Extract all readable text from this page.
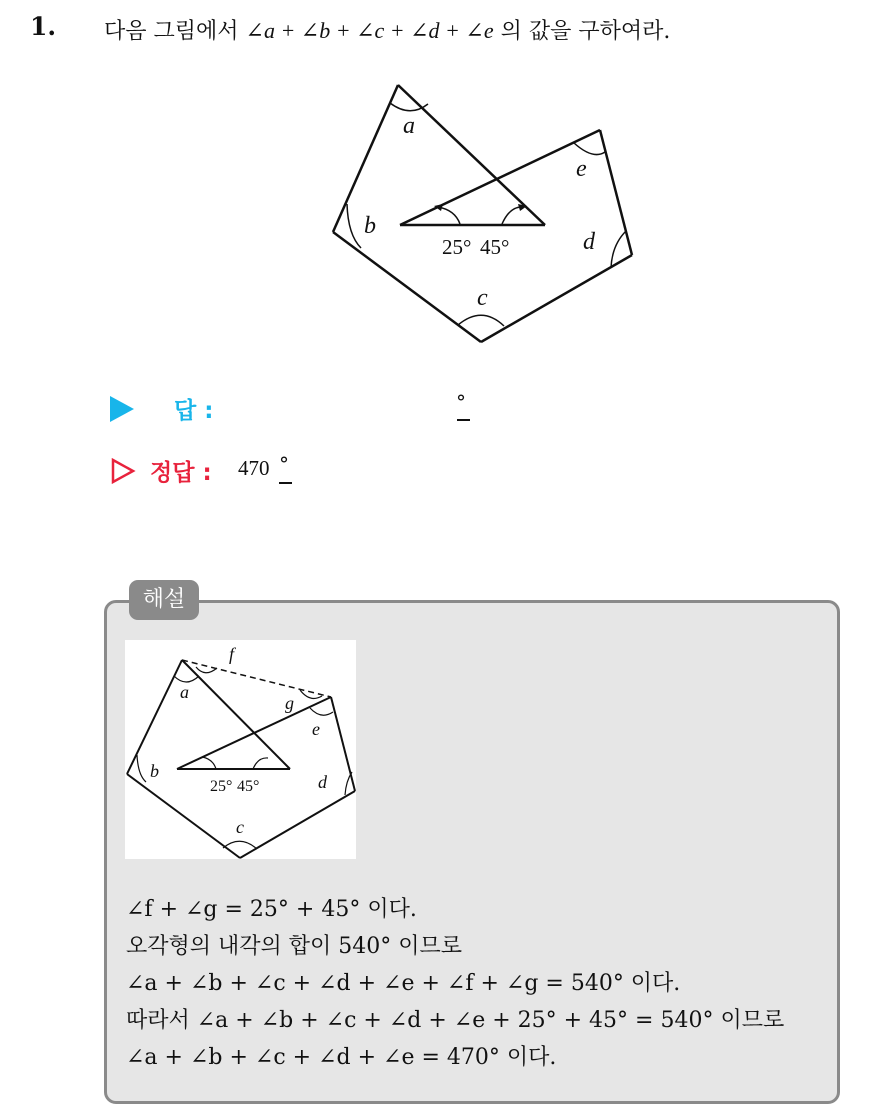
1. 다음 그림에서 ∠a + ∠b + ∠c + ∠d + ∠e 의 값을 구하여라.
a
b
c
d
e
25° 45°
답 :	°
정답 : 470 °
해설
a
b
c
d
e
f
g
25° 45°
∠f + ∠g = 25° + 45° 이다.
오각형의 내각의 합이 540° 이므로
∠a + ∠b + ∠c + ∠d + ∠e + ∠f + ∠g = 540° 이다.
따라서 ∠a + ∠b + ∠c + ∠d + ∠e + 25° + 45° = 540° 이므로
∠a + ∠b + ∠c + ∠d + ∠e = 470° 이다.
